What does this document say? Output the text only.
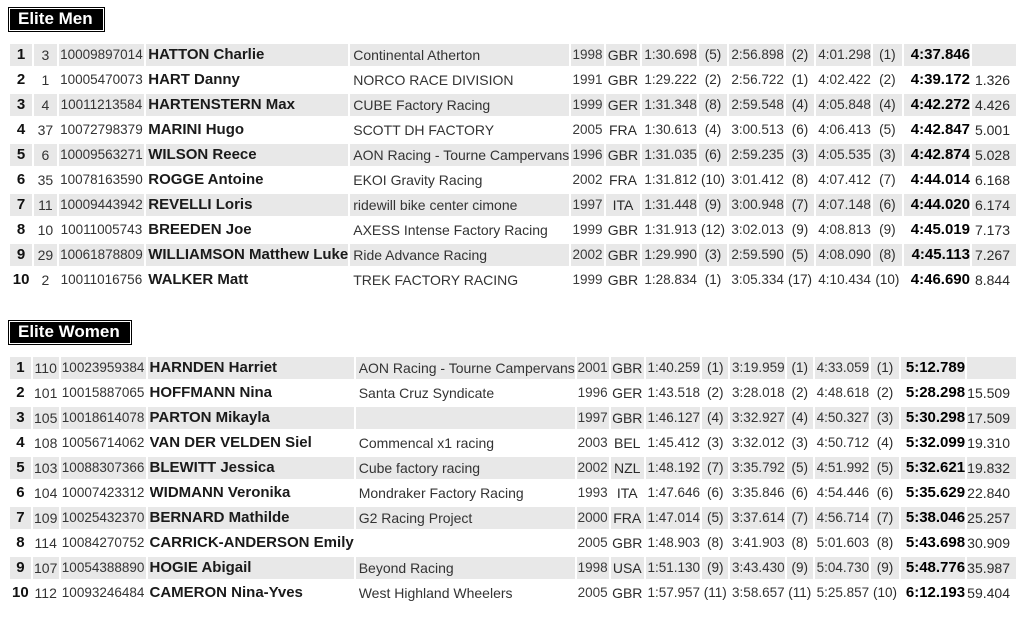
Elite Men
1	3	10009897014	HATTON Charlie	Continental Atherton	1998	GBR	1:30.698	(5)	2:56.898	(2)	4:01.298	(1)	4:37.846	

2	1	10005470073	HART Danny	NORCO RACE DIVISION	1991	GBR	1:29.222	(2)	2:56.722	(1)	4:02.422	(2)	4:39.172	1.326

3	4	10011213584	HARTENSTERN Max	CUBE Factory Racing	1999	GER	1:31.348	(8)	2:59.548	(4)	4:05.848	(4)	4:42.272	4.426

4	37	10072798379	MARINI Hugo	SCOTT DH FACTORY	2005	FRA	1:30.613	(4)	3:00.513	(6)	4:06.413	(5)	4:42.847	5.001

5	6	10009563271	WILSON Reece	AON Racing - Tourne Campervans	1996	GBR	1:31.035	(6)	2:59.235	(3)	4:05.535	(3)	4:42.874	5.028

6	35	10078163590	ROGGE Antoine	EKOI Gravity Racing	2002	FRA	1:31.812	(10)	3:01.412	(8)	4:07.412	(7)	4:44.014	6.168

7	11	10009443942	REVELLI Loris	ridewill bike center cimone	1997	ITA	1:31.448	(9)	3:00.948	(7)	4:07.148	(6)	4:44.020	6.174

8	10	10011005743	BREEDEN Joe	AXESS Intense Factory Racing	1999	GBR	1:31.913	(12)	3:02.013	(9)	4:08.813	(9)	4:45.019	7.173

9	29	10061878809	WILLIAMSON Matthew Luke	Ride Advance Racing	2002	GBR	1:29.990	(3)	2:59.590	(5)	4:08.090	(8)	4:45.113	7.267

10	2	10011016756	WALKER Matt	TREK FACTORY RACING	1999	GBR	1:28.834	(1)	3:05.334	(17)	4:10.434	(10)	4:46.690	8.844
Elite Women
1	110	10023959384	HARNDEN Harriet	AON Racing - Tourne Campervans	2001	GBR	1:40.259	(1)	3:19.959	(1)	4:33.059	(1)	5:12.789	

2	101	10015887065	HOFFMANN Nina	Santa Cruz Syndicate	1996	GER	1:43.518	(2)	3:28.018	(2)	4:48.618	(2)	5:28.298	15.509

3	105	10018614078	PARTON Mikayla		1997	GBR	1:46.127	(4)	3:32.927	(4)	4:50.327	(3)	5:30.298	17.509

4	108	10056714062	VAN DER VELDEN Siel	Commencal x1 racing	2003	BEL	1:45.412	(3)	3:32.012	(3)	4:50.712	(4)	5:32.099	19.310

5	103	10088307366	BLEWITT Jessica	Cube factory racing	2002	NZL	1:48.192	(7)	3:35.792	(5)	4:51.992	(5)	5:32.621	19.832

6	104	10007423312	WIDMANN Veronika	Mondraker Factory Racing	1993	ITA	1:47.646	(6)	3:35.846	(6)	4:54.446	(6)	5:35.629	22.840

7	109	10025432370	BERNARD Mathilde	G2 Racing Project	2000	FRA	1:47.014	(5)	3:37.614	(7)	4:56.714	(7)	5:38.046	25.257

8	114	10084270752	CARRICK-ANDERSON Emily		2005	GBR	1:48.903	(8)	3:41.903	(8)	5:01.603	(8)	5:43.698	30.909

9	107	10054388890	HOGIE Abigail	Beyond Racing	1998	USA	1:51.130	(9)	3:43.430	(9)	5:04.730	(9)	5:48.776	35.987

10	112	10093246484	CAMERON Nina-Yves	West Highland Wheelers	2005	GBR	1:57.957	(11)	3:58.657	(11)	5:25.857	(10)	6:12.193	59.404
